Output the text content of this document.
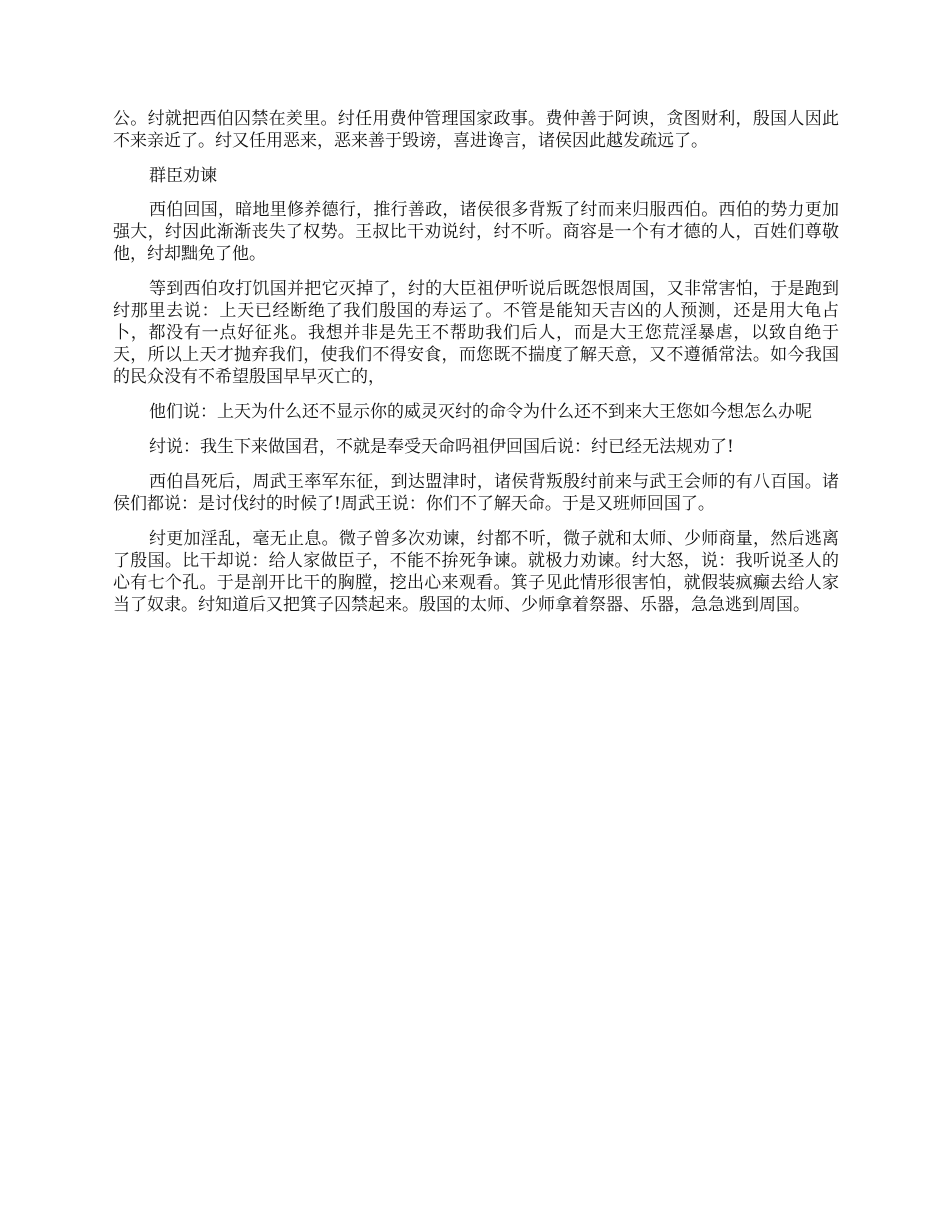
公。纣就把西伯囚禁在羑里。纣任用费仲管理国家政事。费仲善于阿谀，贪图财利，殷国人因此不来亲近了。纣又任用恶来，恶来善于毁谤，喜进谗言，诸侯因此越发疏远了。

群臣劝谏

西伯回国，暗地里修养德行，推行善政，诸侯很多背叛了纣而来归服西伯。西伯的势力更加强大，纣因此渐渐丧失了权势。王叔比干劝说纣，纣不听。商容是一个有才德的人，百姓们尊敬他，纣却黜免了他。

等到西伯攻打饥国并把它灭掉了，纣的大臣祖伊听说后既怨恨周国，又非常害怕，于是跑到纣那里去说：上天已经断绝了我们殷国的寿运了。不管是能知天吉凶的人预测，还是用大龟占卜，都没有一点好征兆。我想并非是先王不帮助我们后人，而是大王您荒淫暴虐，以致自绝于天，所以上天才抛弃我们，使我们不得安食，而您既不揣度了解天意，又不遵循常法。如今我国的民众没有不希望殷国早早灭亡的，

他们说：上天为什么还不显示你的威灵灭纣的命令为什么还不到来大王您如今想怎么办呢

纣说：我生下来做国君，不就是奉受天命吗祖伊回国后说：纣已经无法规劝了!

西伯昌死后，周武王率军东征，到达盟津时，诸侯背叛殷纣前来与武王会师的有八百国。诸侯们都说：是讨伐纣的时候了!周武王说：你们不了解天命。于是又班师回国了。

纣更加淫乱，毫无止息。微子曾多次劝谏，纣都不听，微子就和太师、少师商量，然后逃离了殷国。比干却说：给人家做臣子，不能不拚死争谏。就极力劝谏。纣大怒，说：我听说圣人的心有七个孔。于是剖开比干的胸膛，挖出心来观看。箕子见此情形很害怕，就假装疯癫去给人家当了奴隶。纣知道后又把箕子囚禁起来。殷国的太师、少师拿着祭器、乐器，急急逃到周国。
